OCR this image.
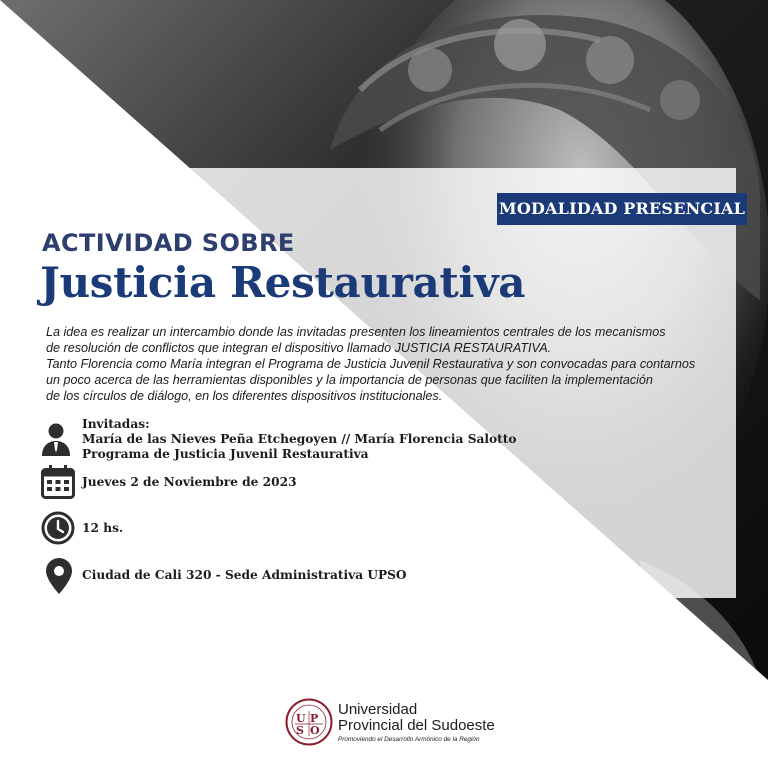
MODALIDAD PRESENCIAL
ACTIVIDAD SOBRE
Justicia Restaurativa

La idea es realizar un intercambio donde las invitadas presenten los lineamientos centrales de los mecanismos
de resolución de conflictos que integran el dispositivo llamado JUSTICIA RESTAURATIVA.
Tanto Florencia como María integran el Programa de Justicia Juvenil Restaurativa y son convocadas para contarnos
un poco acerca de las herramientas disponibles y la importancia de personas que faciliten la implementación
de los círculos de diálogo, en los diferentes dispositivos institucionales.

Invitadas:
María de las Nieves Peña Etchegoyen // María Florencia Salotto
Programa de Justicia Juvenil Restaurativa
Jueves 2 de Noviembre de 2023
12 hs.
Ciudad de Cali 320 - Sede Administrativa UPSO
U P
S O
Universidad
Provincial del Sudoeste
Promoviendo el Desarrollo Armónico de la Región
